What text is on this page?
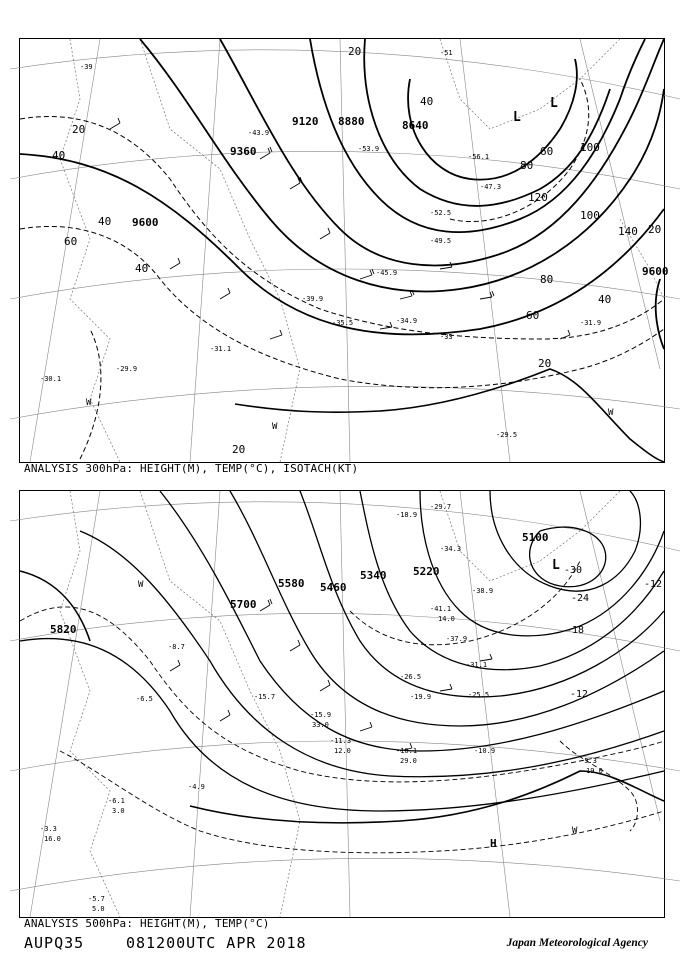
9600
9360
9120 8880	8640
9600
20
40
40
60
40
40
60
80
100
120
140
100
80
60
40
20
20
20
20
-39
-43.9
-53.9
-56.1
-52.5
-49.5
-45.9
-35.5	-34.9
-33
-31.1
-29.9
-30.1
-31.9
-29.5
-39.9
-47.3
-51
L
L
W
W
W
ANALYSIS 300hPa: HEIGHT(M), TEMP(°C), ISOTACH(KT)
5820
5700
5580 5460
5340 5220
5100
-12
-18
-24
-30
-12
-18.9
-29.7
-34.3
-38.9
-41.1
-37.9
-31.1
-25.5
-19.9
-15.9
-11.3
-10.1	-10.9
-5.3
-6.1
-5.7
-4.9
-3.3
-6.5
-8.7
-15.7
-26.5
29.0
12.0
19.0
5.0
3.0
16.0
33.0
14.0
L
H
W
W
ANALYSIS 500hPa: HEIGHT(M), TEMP(°C)
AUPQ35	081200UTC APR 2018	Japan Meteorological Agency
